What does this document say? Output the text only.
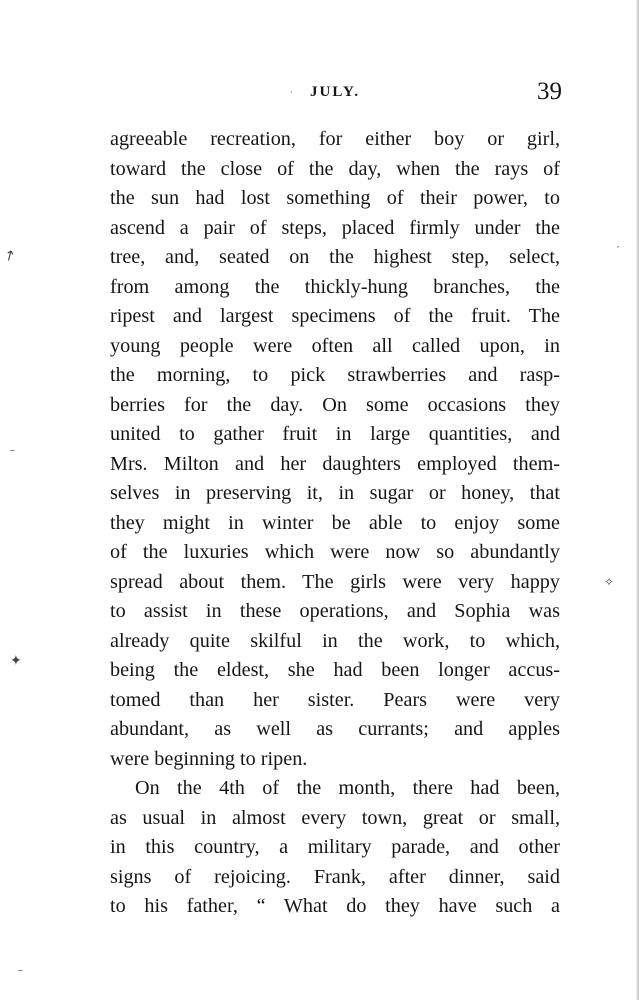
JULY.	39
agreeable recreation, for either boy or girl,
toward the close of the day, when the rays of
the sun had lost something of their power, to
ascend a pair of steps, placed firmly under the
tree, and, seated on the highest step, select,
from among the thickly-hung branches, the
ripest and largest specimens of the fruit. The
young people were often all called upon, in
the morning, to pick strawberries and rasp-
berries for the day. On some occasions they
united to gather fruit in large quantities, and
Mrs. Milton and her daughters employed them-
selves in preserving it, in sugar or honey, that
they might in winter be able to enjoy some
of the luxuries which were now so abundantly
spread about them. The girls were very happy
to assist in these operations, and Sophia was
already quite skilful in the work, to which,
being the eldest, she had been longer accus-
tomed than her sister. Pears were very
abundant, as well as currants; and apples
were beginning to ripen.
On the 4th of the month, there had been,
as usual in almost every town, great or small,
in this country, a military parade, and other
signs of rejoicing. Frank, after dinner, said
to his father, “ What do they have such a
↗
–
✦
✧
′
–
·
